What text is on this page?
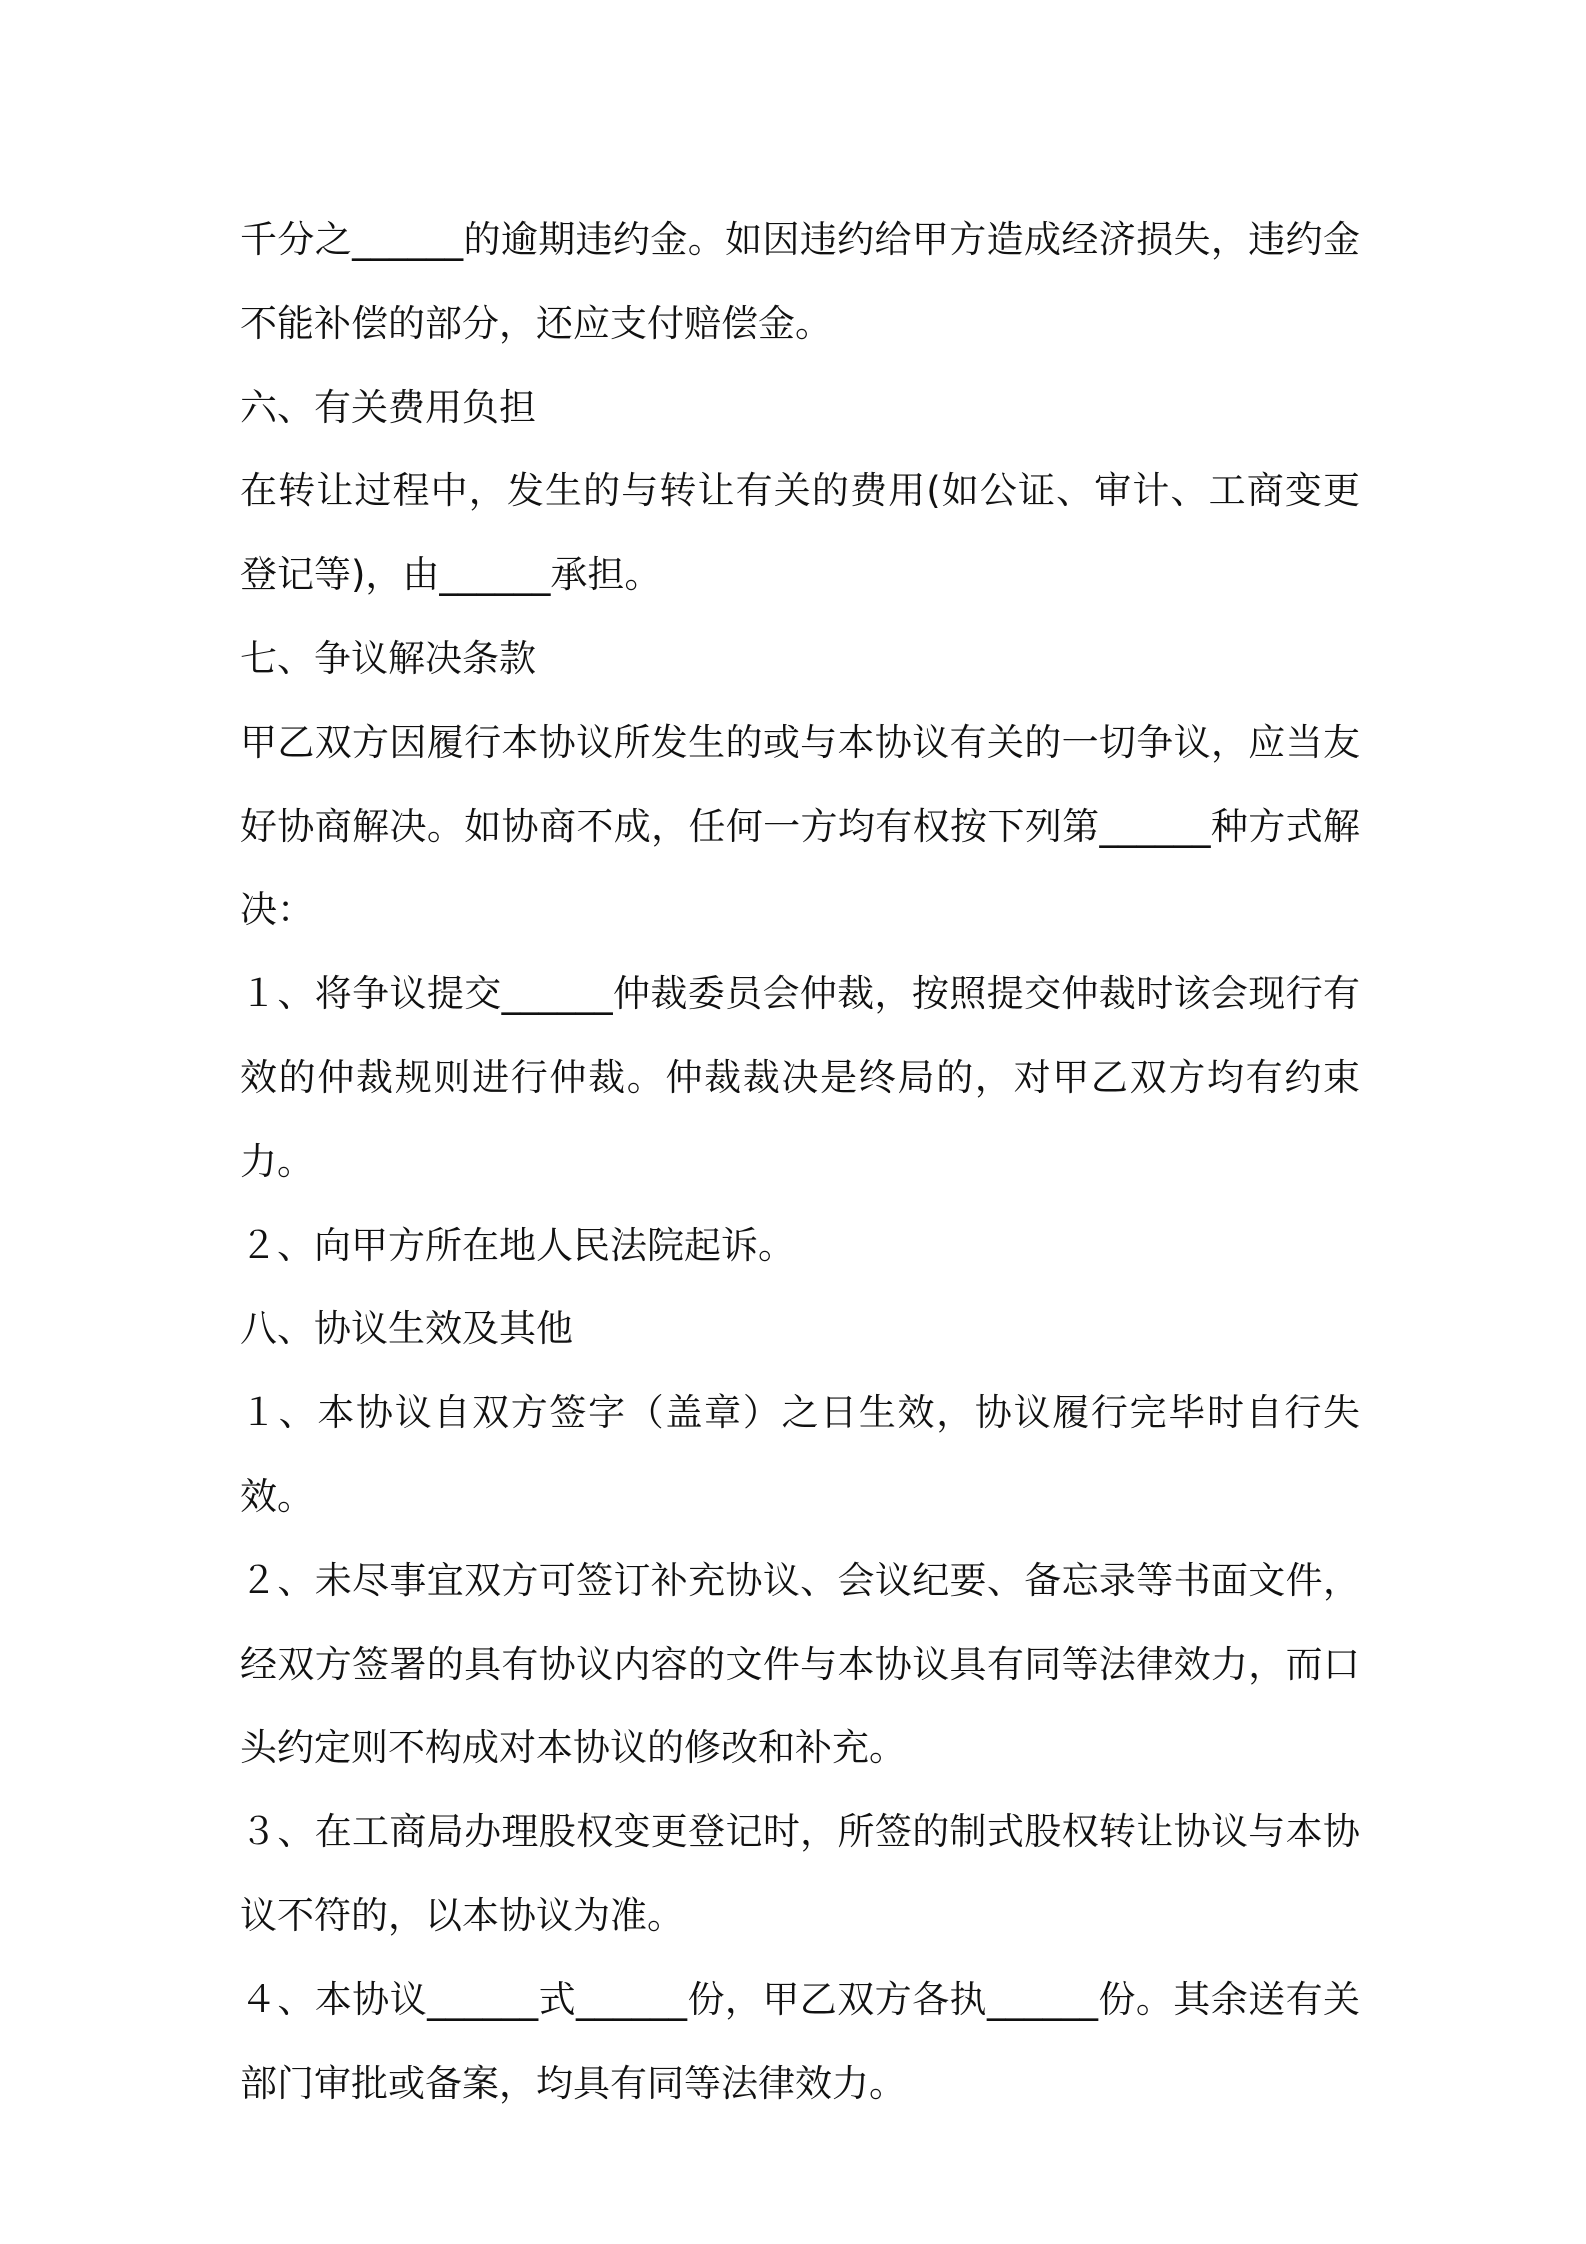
千分之______的逾期违约金。如因违约给甲方造成经济损失，违约金不能补偿的部分，还应支付赔偿金。

六、有关费用负担

在转让过程中，发生的与转让有关的费用(如公证、审计、工商变更登记等)，由______承担。

七、争议解决条款

甲乙双方因履行本协议所发生的或与本协议有关的一切争议，应当友好协商解决。如协商不成，任何一方均有权按下列第______种方式解决：

１、将争议提交______仲裁委员会仲裁，按照提交仲裁时该会现行有效的仲裁规则进行仲裁。仲裁裁决是终局的，对甲乙双方均有约束力。

２、向甲方所在地人民法院起诉。

八、协议生效及其他

１、本协议自双方签字（盖章）之日生效，协议履行完毕时自行失效。

２、未尽事宜双方可签订补充协议、会议纪要、备忘录等书面文件，经双方签署的具有协议内容的文件与本协议具有同等法律效力，而口头约定则不构成对本协议的修改和补充。

３、在工商局办理股权变更登记时，所签的制式股权转让协议与本协议不符的，以本协议为准。

４、本协议______式______份，甲乙双方各执______份。其余送有关部门审批或备案，均具有同等法律效力。
